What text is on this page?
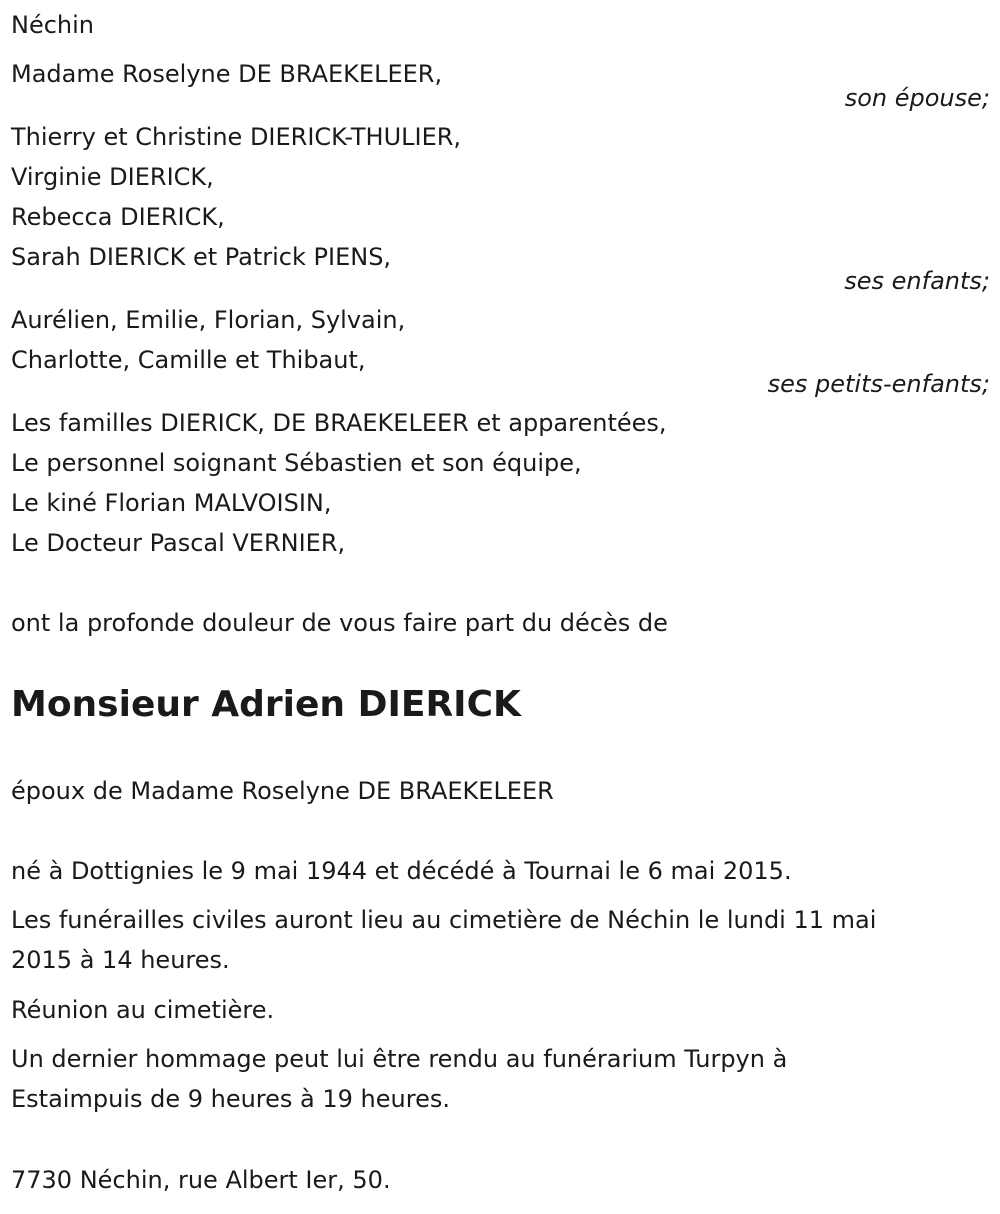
Néchin
Madame Roselyne DE BRAEKELEER,
son épouse;
Thierry et Christine DIERICK-THULIER,
Virginie DIERICK,
Rebecca DIERICK,
Sarah DIERICK et Patrick PIENS,
ses enfants;
Aurélien, Emilie, Florian, Sylvain,
Charlotte, Camille et Thibaut,
ses petits-enfants;
Les familles DIERICK, DE BRAEKELEER et apparentées,
Le personnel soignant Sébastien et son équipe,
Le kiné Florian MALVOISIN,
Le Docteur Pascal VERNIER,
ont la profonde douleur de vous faire part du décès de
Monsieur Adrien DIERICK
époux de Madame Roselyne DE BRAEKELEER
né à Dottignies le 9 mai 1944 et décédé à Tournai le 6 mai 2015.
Les funérailles civiles auront lieu au cimetière de Néchin le lundi 11 mai
2015 à 14 heures.
Réunion au cimetière.
Un dernier hommage peut lui être rendu au funérarium Turpyn à
Estaimpuis de 9 heures à 19 heures.
7730 Néchin, rue Albert Ier, 50.
